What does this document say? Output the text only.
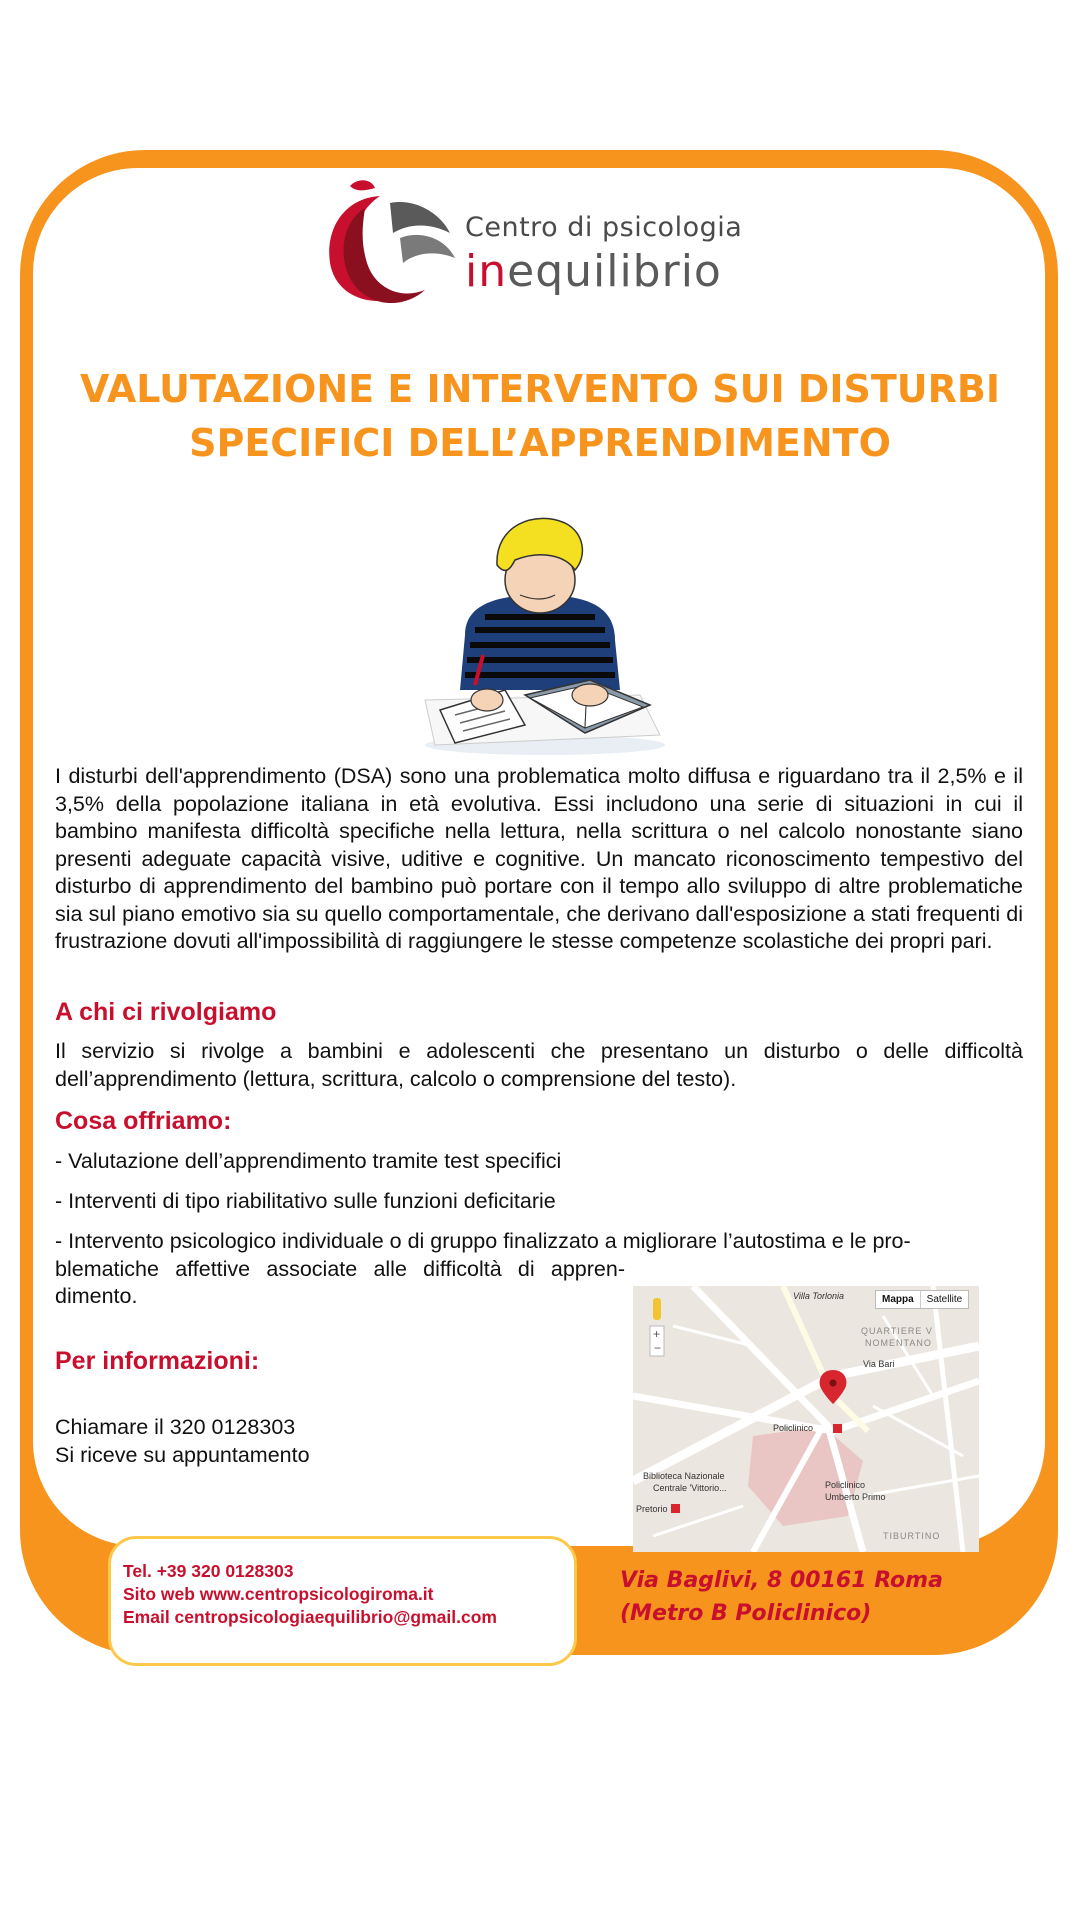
Centro di psicologia
inequilibrio
VALUTAZIONE E INTERVENTO SUI DISTURBI
SPECIFICI DELL’APPRENDIMENTO

I disturbi dell'apprendimento (DSA) sono una problematica molto diffusa e riguardano tra il 2,5% e il 3,5% della popolazione italiana in età evolutiva. Essi includono una serie di situazioni in cui il bambino manifesta difficoltà specifiche nella lettura, nella scrittura o nel calcolo nonostante siano presenti adeguate capacità visive, uditive e cognitive. Un mancato riconoscimento tempestivo del disturbo di apprendimento del bambino può portare con il tempo allo sviluppo di altre problematiche sia sul piano emotivo sia su quello comportamentale, che derivano dall'esposizione a stati frequenti di frustrazione dovuti all'impossibilità di raggiungere le stesse competenze scolastiche dei propri pari.

A chi ci rivolgiamo

Il servizio si rivolge a bambini e adolescenti che presentano un disturbo o delle difficoltà dell’apprendimento (lettura, scrittura, calcolo o comprensione del testo).

Cosa offriamo:

- Valutazione dell’apprendimento tramite test specifici

- Interventi di tipo riabilitativo sulle funzioni deficitarie

- Intervento psicologico individuale o di gruppo finalizzato a migliorare l’autostima e le pro-
blematiche affettive associate alle difficoltà di appren-
dimento.
Per informazioni:
Chiamare il 320 0128303
Si riceve su appuntamento
+
−
Mappa	Satellite
Villa Torlonia
QUARTIERE V
NOMENTANO
Via Bari
Policlinico
Biblioteca Nazionale
Centrale 'Vittorio...
Pretorio
Policlinico
Umberto Primo
TIBURTINO
Tel. +39 320 0128303
Sito web www.centropsicologiroma.it
Email centropsicologiaequilibrio@gmail.com
Via Baglivi, 8 00161 Roma
(Metro B Policlinico)
